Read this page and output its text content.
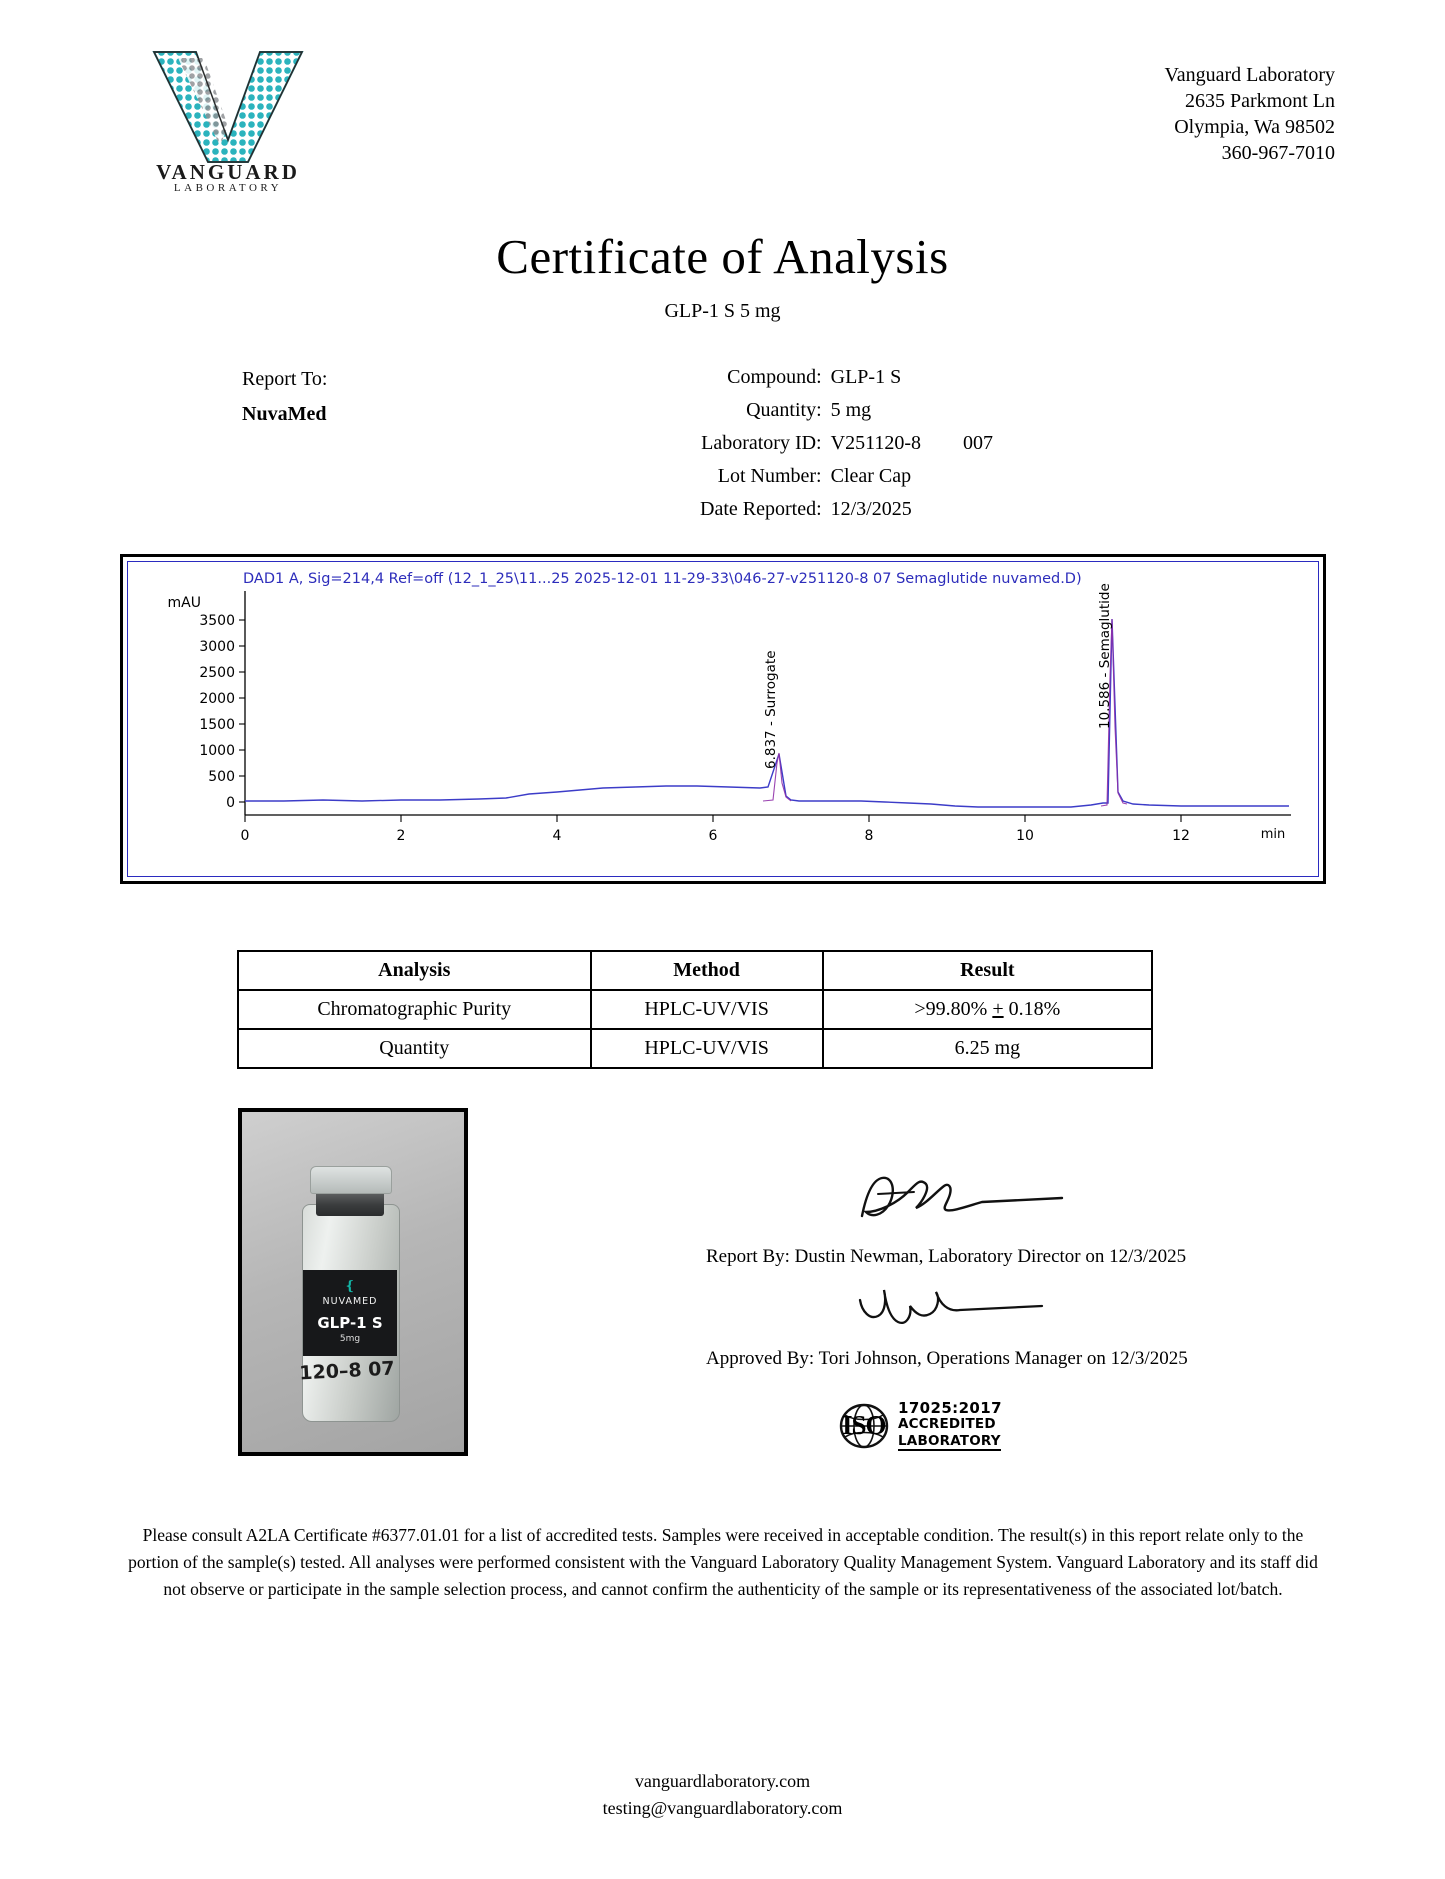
VANGUARD
LABORATORY
Vanguard Laboratory
2635 Parkmont Ln
Olympia, Wa 98502
360-967-7010
Certificate of Analysis
GLP-1 S 5 mg
Report To:
NuvaMed
Compound:	GLP-1 S
Quantity:	5 mg
Laboratory ID:	V251120-8 007
Lot Number:	Clear Cap
Date Reported:	12/3/2025
DAD1 A, Sig=214,4 Ref=off (12_1_25\11...25 2025-12-01 11-29-33\046-27-v251120-8 07 Semaglutide nuvamed.D)
mAU
3500
3000
2500
2000
1500
1000
500
0
0	2	4	6	8	10	12	min
6.837 - Surrogate	10.586 - Semaglutide
Analysis	Method	Result
Chromatographic Purity	HPLC-UV/VIS	>99.80% + 0.18%
Quantity	HPLC-UV/VIS	6.25 mg
❴
NUVAMED
GLP-1 S
5mg
120–8 07
Report By: Dustin Newman, Laboratory Director on 12/3/2025
Approved By: Tori Johnson, Operations Manager on 12/3/2025
ISO
17025:2017
ACCREDITED
LABORATORY
Please consult A2LA Certificate #6377.01.01 for a list of accredited tests. Samples were received in acceptable condition. The result(s) in this report relate only to the portion of the sample(s) tested. All analyses were performed consistent with the Vanguard Laboratory Quality Management System. Vanguard Laboratory and its staff did not observe or participate in the sample selection process, and cannot confirm the authenticity of the sample or its representativeness of the associated lot/batch.
vanguardlaboratory.com
testing@vanguardlaboratory.com
